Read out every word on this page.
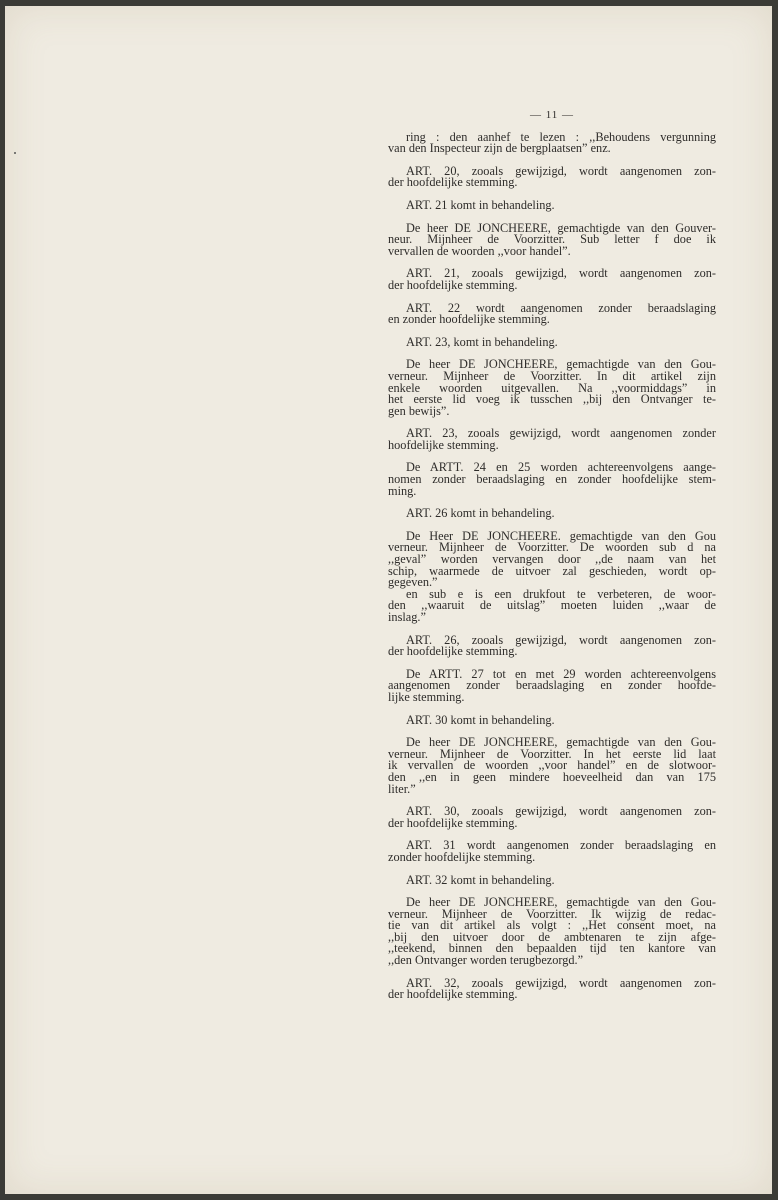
— 11 —
ring : den aanhef te lezen : ,,Behoudens vergunning
van den Inspecteur zijn de bergplaatsen” enz.
ART. 20, zooals gewijzigd, wordt aangenomen zon-
der hoofdelijke stemming.
ART. 21 komt in behandeling.
De heer DE JONCHEERE, gemachtigde van den Gouver-
neur. Mijnheer de Voorzitter. Sub letter f doe ik
vervallen de woorden ,,voor handel”.
ART. 21, zooals gewijzigd, wordt aangenomen zon-
der hoofdelijke stemming.
ART. 22 wordt aangenomen zonder beraadslaging
en zonder hoofdelijke stemming.
ART. 23, komt in behandeling.
De heer DE JONCHEERE, gemachtigde van den Gou-
verneur. Mijnheer de Voorzitter. In dit artikel zijn
enkele woorden uitgevallen. Na ,,voormiddags” in
het eerste lid voeg ik tusschen ,,bij den Ontvanger te-
gen bewijs”.
ART. 23, zooals gewijzigd, wordt aangenomen zonder
hoofdelijke stemming.
De ARTT. 24 en 25 worden achtereenvolgens aange-
nomen zonder beraadslaging en zonder hoofdelijke stem-
ming.
ART. 26 komt in behandeling.
De Heer DE JONCHEERE. gemachtigde van den Gou
verneur. Mijnheer de Voorzitter. De woorden sub d na
,,geval” worden vervangen door ,,de naam van het
schip, waarmede de uitvoer zal geschieden, wordt op-
gegeven.”
en sub e is een drukfout te verbeteren, de woor-
den ,,waaruit de uitslag” moeten luiden ,,waar de
inslag.”
ART. 26, zooals gewijzigd, wordt aangenomen zon-
der hoofdelijke stemming.
De ARTT. 27 tot en met 29 worden achtereenvolgens
aangenomen zonder beraadslaging en zonder hoofde-
lijke stemming.
ART. 30 komt in behandeling.
De heer DE JONCHEERE, gemachtigde van den Gou-
verneur. Mijnheer de Voorzitter. In het eerste lid laat
ik vervallen de woorden ,,voor handel” en de slotwoor-
den ,,en in geen mindere hoeveelheid dan van 175
liter.”
ART. 30, zooals gewijzigd, wordt aangenomen zon-
der hoofdelijke stemming.
ART. 31 wordt aangenomen zonder beraadslaging en
zonder hoofdelijke stemming.
ART. 32 komt in behandeling.
De heer DE JONCHEERE, gemachtigde van den Gou-
verneur. Mijnheer de Voorzitter. Ik wijzig de redac-
tie van dit artikel als volgt : ,,Het consent moet, na
,,bij den uitvoer door de ambtenaren te zijn afge-
,,teekend, binnen den bepaalden tijd ten kantore van
,,den Ontvanger worden terugbezorgd.”
ART. 32, zooals gewijzigd, wordt aangenomen zon-
der hoofdelijke stemming.
